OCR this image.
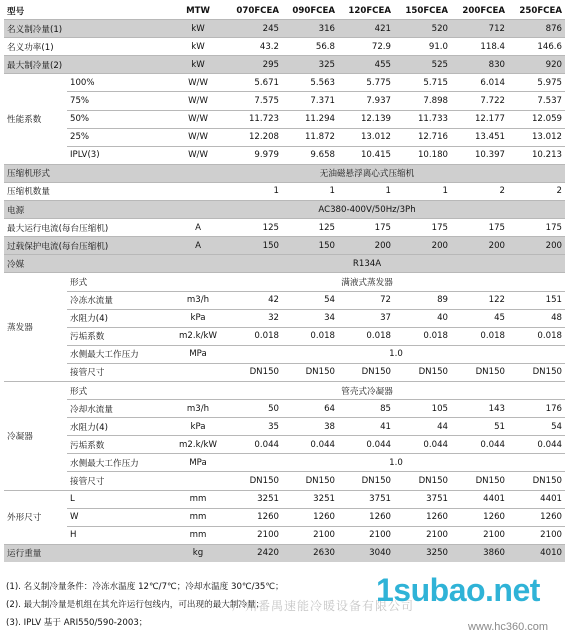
型号		MTW	070FCEA	090FCEA	120FCEA	150FCEA	200FCEA	250FCEA
名义制冷量(1)		kW	245	316	421	520	712	876
名义功率(1)		kW	43.2	56.8	72.9	91.0	118.4	146.6
最大制冷量(2)		kW	295	325	455	525	830	920
性能系数	100%	W/W	5.671	5.563	5.775	5.715	6.014	5.975
	75%	W/W	7.575	7.371	7.937	7.898	7.722	7.537
	50%	W/W	11.723	11.294	12.139	11.733	12.177	12.059
	25%	W/W	12.208	11.872	13.012	12.716	13.451	13.012
	IPLV(3)	W/W	9.979	9.658	10.415	10.180	10.397	10.213
压缩机形式		无油磁悬浮离心式压缩机						
压缩机数量			1	1	1	1	2	2
电源		AC380-400V/50Hz/3Ph						
最大运行电流(每台压缩机)		A	125	125	175	175	175	175
过载保护电流(每台压缩机)		A	150	150	200	200	200	200
冷媒		R134A						
蒸发器	形式	满液式蒸发器						
	冷冻水流量	m3/h	42	54	72	89	122	151
	水阻力(4)	kPa	32	34	37	40	45	48
	污垢系数	m2.k/kW	0.018	0.018	0.018	0.018	0.018	0.018
	水侧最大工作压力	MPa	1.0					
	接管尺寸		DN150	DN150	DN150	DN150	DN150	DN150
冷凝器	形式	管壳式冷凝器						
	冷却水流量	m3/h	50	64	85	105	143	176
	水阻力(4)	kPa	35	38	41	44	51	54
	污垢系数	m2.k/kW	0.044	0.044	0.044	0.044	0.044	0.044
	水侧最大工作压力	MPa	1.0					
	接管尺寸		DN150	DN150	DN150	DN150	DN150	DN150
外形尺寸	L	mm	3251	3251	3751	3751	4401	4401
	W	mm	1260	1260	1260	1260	1260	1260
	H	mm	2100	2100	2100	2100	2100	2100
运行重量		kg	2420	2630	3040	3250	3860	4010
(1). 名义制冷量条件：冷冻水温度 12℃/7℃；冷却水温度 30℃/35℃；
(2). 最大制冷量是机组在其允许运行包线内，可出现的最大制冷量；
(3). IPLV 基于 ARI550/590-2003；
广州番禺速能冷暖设备有限公司
1subao.net
www.hc360.com
